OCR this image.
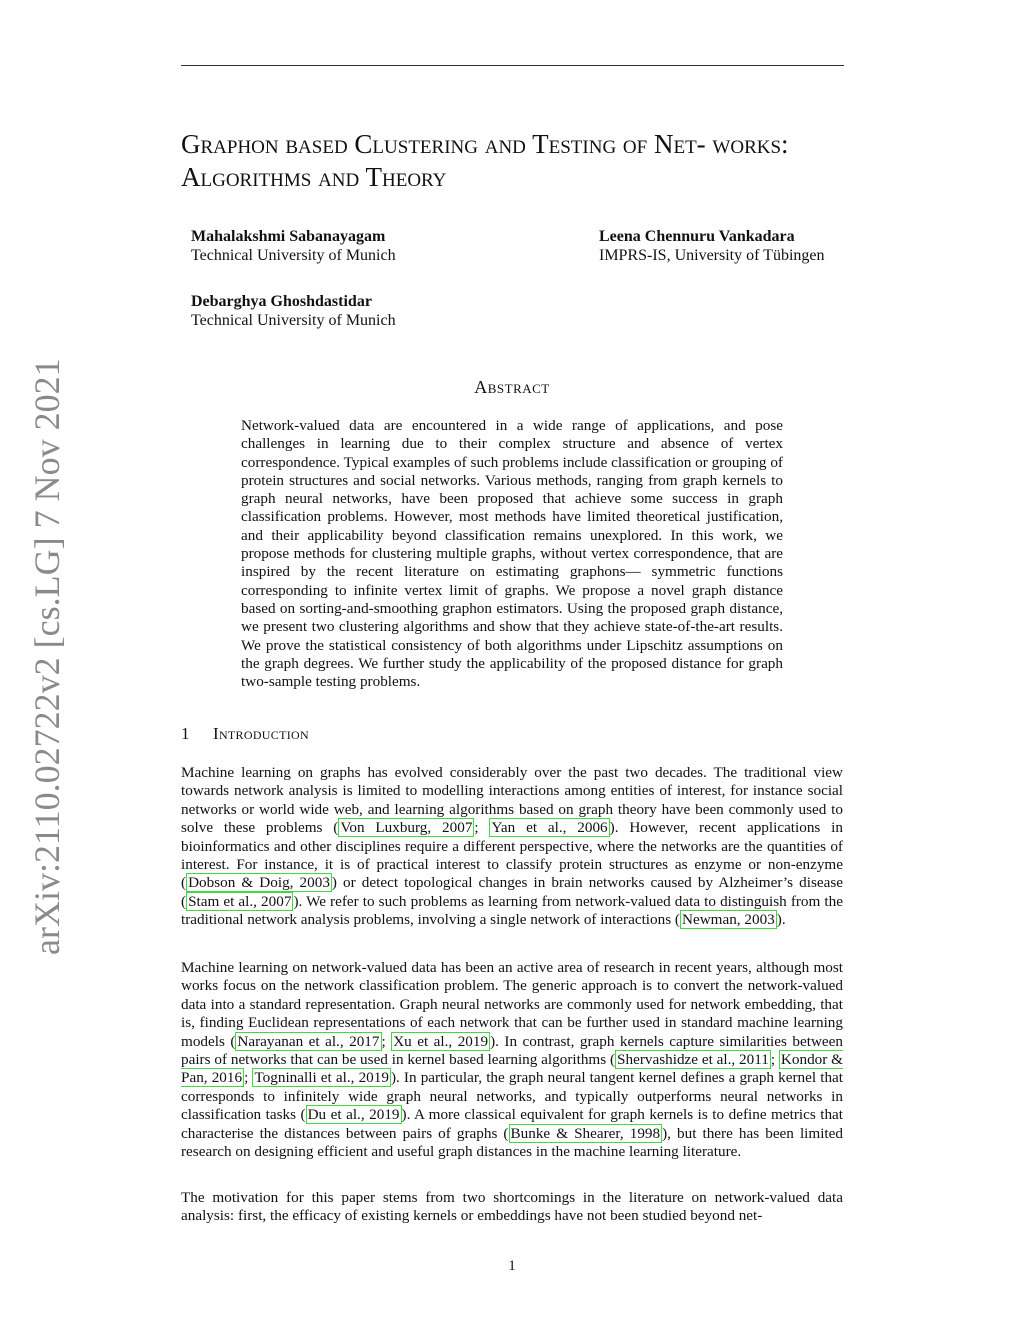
arXiv:2110.02722v2 [cs.LG] 7 Nov 2021
Graphon based Clustering and Testing of Net- works: Algorithms and Theory
Mahalakshmi Sabanayagam
Technical University of Munich
Leena Chennuru Vankadara
IMPRS-IS, University of Tübingen
Debarghya Ghoshdastidar
Technical University of Munich
Abstract

Network-valued data are encountered in a wide range of applications, and pose challenges in learning due to their complex structure and absence of vertex correspondence. Typical examples of such problems include classification or grouping of protein structures and social networks. Various methods, ranging from graph kernels to graph neural networks, have been proposed that achieve some success in graph classification problems. However, most methods have limited theoretical justification, and their applicability beyond classification remains unexplored. In this work, we propose methods for clustering multiple graphs, without vertex correspondence, that are inspired by the recent literature on estimating graphons— symmetric functions corresponding to infinite vertex limit of graphs. We propose a novel graph distance based on sorting-and-smoothing graphon estimators. Using the proposed graph distance, we present two clustering algorithms and show that they achieve state-of-the-art results. We prove the statistical consistency of both algorithms under Lipschitz assumptions on the graph degrees. We further study the applicability of the proposed distance for graph two-sample testing problems.

1 Introduction

Machine learning on graphs has evolved considerably over the past two decades. The traditional view towards network analysis is limited to modelling interactions among entities of interest, for instance social networks or world wide web, and learning algorithms based on graph theory have been commonly used to solve these problems ( Von Luxburg, 2007 ; Yan et al., 2006 ). However, recent applications in bioinformatics and other disciplines require a different perspective, where the networks are the quantities of interest. For instance, it is of practical interest to classify protein structures as enzyme or non-enzyme ( Dobson & Doig, 2003 ) or detect topological changes in brain networks caused by Alzheimer’s disease ( Stam et al., 2007 ). We refer to such problems as learning from network-valued data to distinguish from the traditional network analysis problems, involving a single network of interactions ( Newman, 2003 ).

Machine learning on network-valued data has been an active area of research in recent years, although most works focus on the network classification problem. The generic approach is to convert the network-valued data into a standard representation. Graph neural networks are commonly used for network embedding, that is, finding Euclidean representations of each network that can be further used in standard machine learning models ( Narayanan et al., 2017 ; Xu et al., 2019 ). In contrast, graph kernels capture similarities between pairs of networks that can be used in kernel based learning algorithms ( Shervashidze et al., 2011 ; Kondor & Pan, 2016 ; Togninalli et al., 2019 ). In particular, the graph neural tangent kernel defines a graph kernel that corresponds to infinitely wide graph neural networks, and typically outperforms neural networks in classification tasks ( Du et al., 2019 ). A more classical equivalent for graph kernels is to define metrics that characterise the distances between pairs of graphs ( Bunke & Shearer, 1998 ), but there has been limited research on designing efficient and useful graph distances in the machine learning literature.

The motivation for this paper stems from two shortcomings in the literature on network-valued data analysis: first, the efficacy of existing kernels or embeddings have not been studied beyond net-

1
